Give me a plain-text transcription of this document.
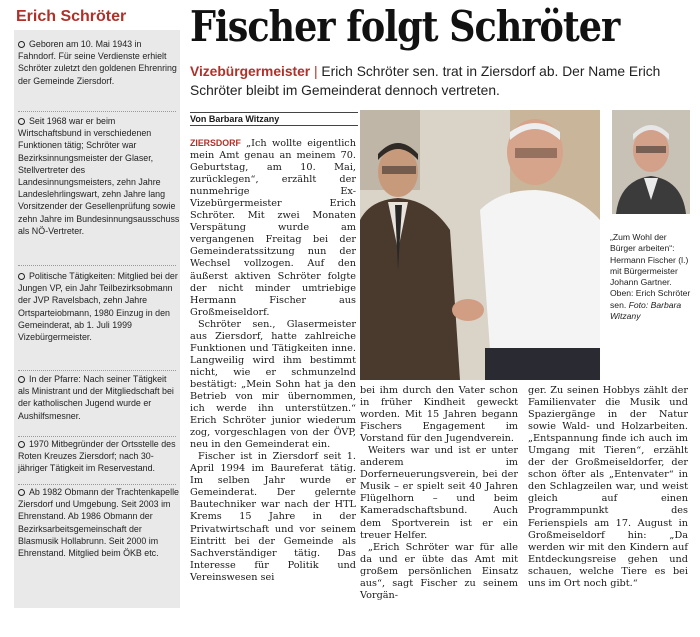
Erich Schröter
Geboren am 10. Mai 1943 in Fahndorf. Für seine Verdienste erhielt Schröter zuletzt den goldenen Ehrenring der Gemeinde Ziersdorf.
Seit 1968 war er beim Wirtschaftsbund in verschiedenen Funktionen tätig; Schröter war Bezirksinnungsmeister der Glaser, Stellvertreter des Landesinnungsmeisters, zehn Jahre Landeslehrlingswart, zehn Jahre lang Vorsitzender der Gesellenprüfung sowie zehn Jahre im Bundesinnungsausschuss als NÖ-Vertreter.
Politische Tätigkeiten: Mitglied bei der Jungen VP, ein Jahr Teilbezirksobmann der JVP Ravelsbach, zehn Jahre Ortsparteiobmann, 1980 Einzug in den Gemeinderat, ab 1. Juli 1999 Vizebürgermeister.
In der Pfarre: Nach seiner Tätigkeit als Ministrant und der Mitgliedschaft bei der katholischen Jugend wurde er Aushilfsmesner.
1970 Mitbegründer der Ortsstelle des Roten Kreuzes Ziersdorf; nach 30-jähriger Tätigkeit im Reservestand.
Ab 1982 Obmann der Trachtenkapelle Ziersdorf und Umgebung. Seit 2003 im Ehrenstand. Ab 1986 Obmann der Bezirksarbeitsgemeinschaft der Blasmusik Hollabrunn. Seit 2000 im Ehrenstand. Mitglied beim ÖKB etc.
Fischer folgt Schröter
Vizebürgermeister | Erich Schröter sen. trat in Ziersdorf ab. Der Name Erich Schröter bleibt im Gemeinderat dennoch vertreten.
Von Barbara Witzany

ZIERSDORF „Ich wollte eigentlich mein Amt genau an meinem 70. Geburtstag, am 10. Mai, zurücklegen“, erzählt der nunmehrige Ex-Vizebürgermeister Erich Schröter. Mit zwei Monaten Verspätung wurde am vergangenen Freitag bei der Gemeinderatssitzung nun der Wechsel vollzogen. Auf den äußerst aktiven Schröter folgte der nicht minder umtriebige Hermann Fischer aus Großmeiseldorf.

Schröter sen., Glasermeister aus Ziersdorf, hatte zahlreiche Funktionen und Tätigkeiten inne. Langweilig wird ihm bestimmt nicht, wie er schmunzelnd bestätigt: „Mein Sohn hat ja den Betrieb von mir übernommen, ich werde ihn unterstützen.“ Erich Schröter junior wiederum zog, vorgeschlagen von der ÖVP, neu in den Gemeinderat ein.

Fischer ist in Ziersdorf seit 1. April 1994 im Baureferat tätig. Im selben Jahr wurde er Gemeinderat. Der gelernte Bautechniker war nach der HTL Krems 15 Jahre in der Privatwirtschaft und vor seinem Eintritt bei der Gemeinde als Sachverständiger tätig. Das Interesse für Politik und Vereinswesen sei

„Zum Wohl der Bürger arbeiten“: Hermann Fischer (l.) mit Bürgermeister Johann Gartner. Oben: Erich Schröter sen. Foto: Barbara Witzany

bei ihm durch den Vater schon in früher Kindheit geweckt worden. Mit 15 Jahren begann Fischers Engagement im Vorstand für den Jugendverein.

Weiters war und ist er unter anderem im Dorferneuerungsverein, bei der Musik – er spielt seit 40 Jahren Flügelhorn – und beim Kameradschaftsbund. Auch dem Sportverein ist er ein treuer Helfer.

„Erich Schröter war für alle da und er übte das Amt mit großem persönlichen Einsatz aus“, sagt Fischer zu seinem Vorgän-

ger. Zu seinen Hobbys zählt der Familienvater die Musik und Spaziergänge in der Natur sowie Wald- und Holzarbeiten. „Entspannung finde ich auch im Umgang mit Tieren“, erzählt der der Großmeiseldorfer, der schon öfter als „Entenvater“ in den Schlagzeilen war, und weist gleich auf einen Programmpunkt des Ferienspiels am 17. August in Großmeiseldorf hin: „Da werden wir mit den Kindern auf Entdeckungsreise gehen und schauen, welche Tiere es bei uns im Ort noch gibt.“
